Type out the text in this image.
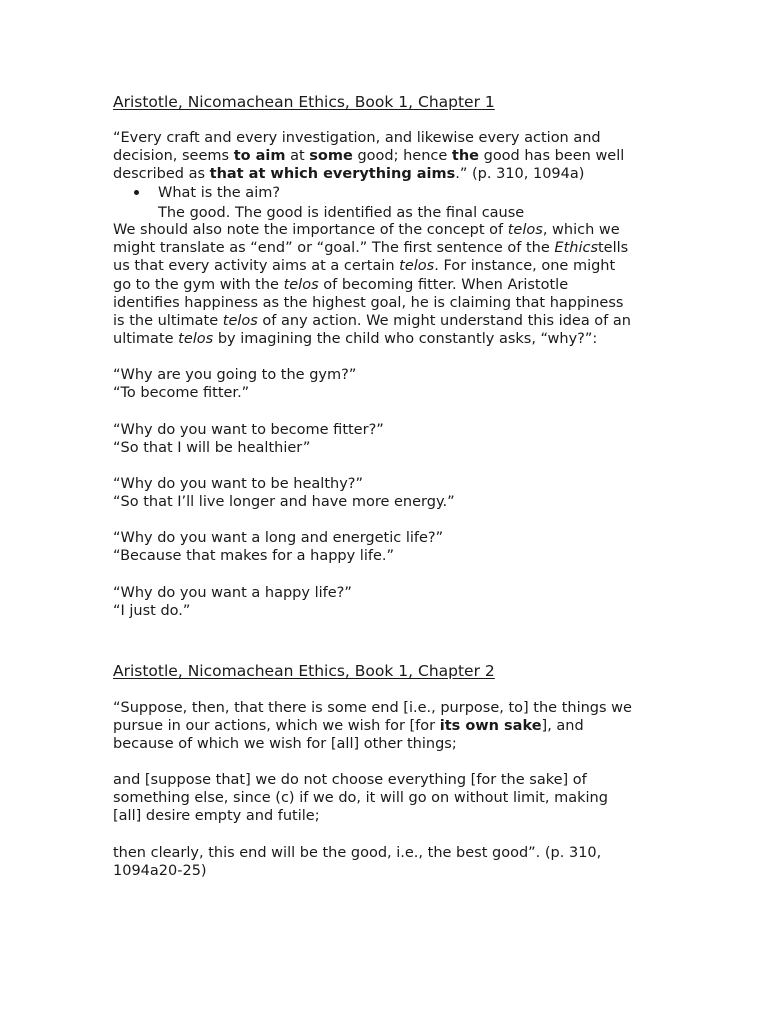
Aristotle, Nicomachean Ethics, Book 1, Chapter 1
“Every craft and every investigation, and likewise every action and
decision, seems to aim at some good; hence the good has been well
described as that at which everything aims.” (p. 310, 1094a)
What is the aim?
The good. The good is identified as the final cause
We should also note the importance of the concept of telos, which we
might translate as “end” or “goal.” The first sentence of the Ethicstells
us that every activity aims at a certain telos. For instance, one might
go to the gym with the telos of becoming fitter. When Aristotle
identifies happiness as the highest goal, he is claiming that happiness
is the ultimate telos of any action. We might understand this idea of an
ultimate telos by imagining the child who constantly asks, “why?”:
“Why are you going to the gym?”
“To become fitter.”
“Why do you want to become fitter?”
“So that I will be healthier”
“Why do you want to be healthy?”
“So that I’ll live longer and have more energy.”
“Why do you want a long and energetic life?”
“Because that makes for a happy life.”
“Why do you want a happy life?”
“I just do.”
Aristotle, Nicomachean Ethics, Book 1, Chapter 2
“Suppose, then, that there is some end [i.e., purpose, to] the things we
pursue in our actions, which we wish for [for its own sake], and
because of which we wish for [all] other things;
and [suppose that] we do not choose everything [for the sake] of
something else, since (c) if we do, it will go on without limit, making
[all] desire empty and futile;
then clearly, this end will be the good, i.e., the best good”. (p. 310,
1094a20-25)
